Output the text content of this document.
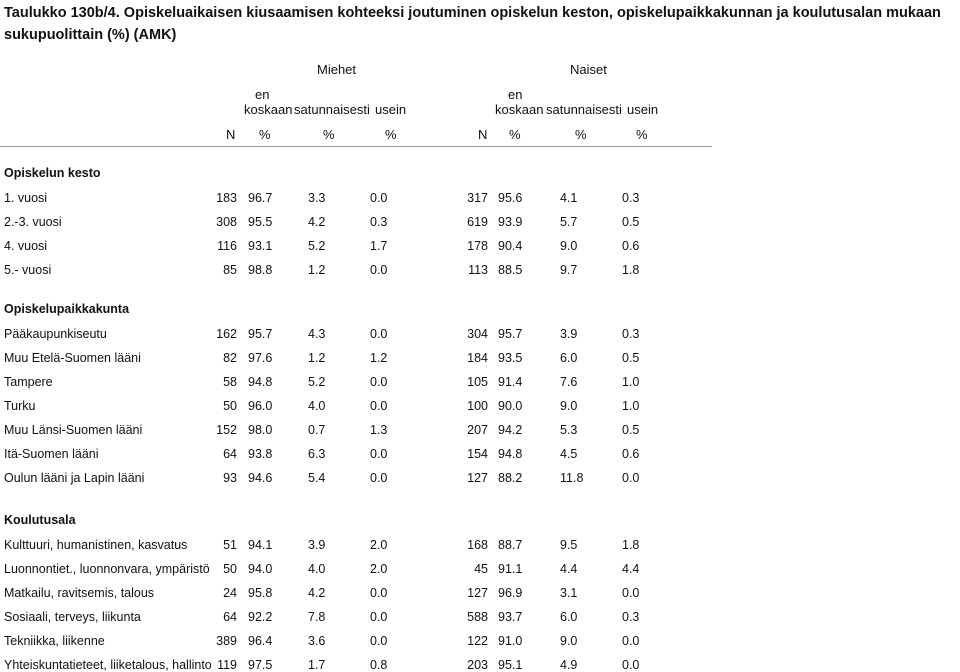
Taulukko 130b/4. Opiskeluaikaisen kiusaamisen kohteeksi joutuminen opiskelun keston, opiskelupaikkakunnan ja koulutusalan mukaan sukupuolittain (%) (AMK)
Miehet	Naiset
en
koskaan satunnaisesti usein
en
koskaan satunnaisesti usein
N %	%	%	N %	%	%
Opiskelun kesto
1. vuosi	183 96.7	3.3	0.0	317 95.6	4.1	0.3
2.-3. vuosi	308 95.5	4.2	0.3	619 93.9	5.7	0.5
4. vuosi	116 93.1	5.2	1.7	178 90.4	9.0	0.6
5.- vuosi	85 98.8	1.2	0.0	113 88.5	9.7	1.8
Opiskelupaikkakunta
Pääkaupunkiseutu	162 95.7	4.3	0.0	304 95.7	3.9	0.3
Muu Etelä-Suomen lääni	82 97.6	1.2	1.2	184 93.5	6.0	0.5
Tampere	58 94.8	5.2	0.0	105 91.4	7.6	1.0
Turku	50 96.0	4.0	0.0	100 90.0	9.0	1.0
Muu Länsi-Suomen lääni	152 98.0	0.7	1.3	207 94.2	5.3	0.5
Itä-Suomen lääni	64 93.8	6.3	0.0	154 94.8	4.5	0.6
Oulun lääni ja Lapin lääni	93 94.6	5.4	0.0	127 88.2	11.8	0.0
Koulutusala
Kulttuuri, humanistinen, kasvatus	51 94.1	3.9	2.0	168 88.7	9.5	1.8
Luonnontiet., luonnonvara, ympäristö 50 94.0	4.0	2.0	45 91.1	4.4	4.4
Matkailu, ravitsemis, talous	24 95.8	4.2	0.0	127 96.9	3.1	0.0
Sosiaali, terveys, liikunta	64 92.2	7.8	0.0	588 93.7	6.0	0.3
Tekniikka, liikenne	389 96.4	3.6	0.0	122 91.0	9.0	0.0
Yhteiskuntatieteet, liiketalous, hallinto 119 97.5	1.7	0.8	203 95.1	4.9	0.0
